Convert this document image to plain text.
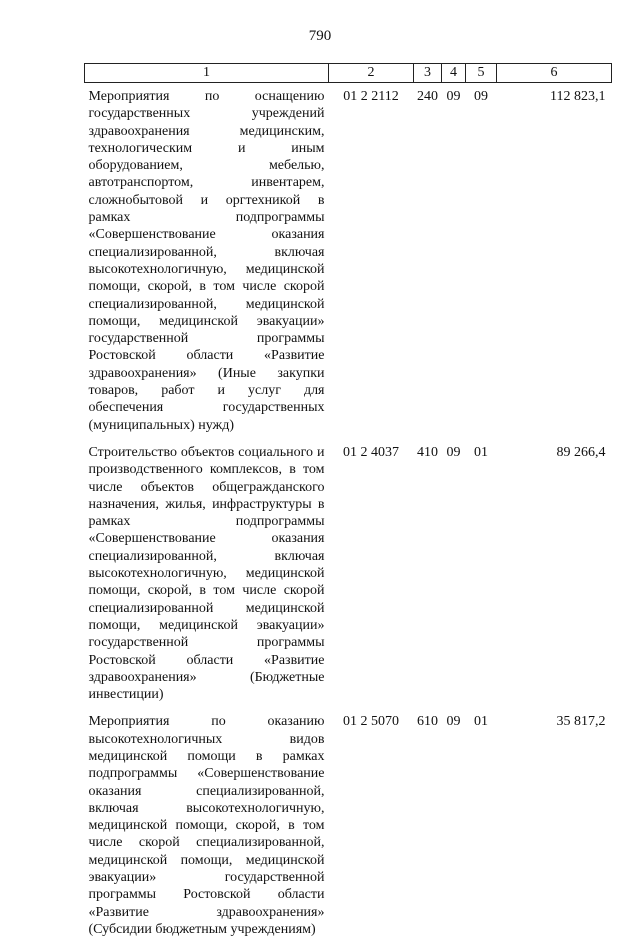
790
1	2	3	4	5	6
Мероприятия по оснащению государственных учреждений здравоохранения медицинским, технологическим и иным оборудованием, мебелью, автотранспортом, инвентарем, сложнобытовой и оргтехникой в рамках подпрограммы «Совершенствование оказания специализированной, включая высокотехнологичную, медицинской помощи, скорой, в том числе скорой специализированной, медицинской помощи, медицинской эвакуации» государственной программы Ростовской области «Развитие здравоохранения» (Иные закупки товаров, работ и услуг для обеспечения государственных (муниципальных) нужд)	01 2 2112	240	09	09	112 823,1
Строительство объектов социального и производственного комплексов, в том числе объектов общегражданского назначения, жилья, инфраструктуры в рамках подпрограммы «Совершенствование оказания специализированной, включая высокотехнологичную, медицинской помощи, скорой, в том числе скорой специализированной медицинской помощи, медицинской эвакуации» государственной программы Ростовской области «Развитие здравоохранения» (Бюджетные инвестиции)	01 2 4037	410	09	01	89 266,4
Мероприятия по оказанию высокотехнологичных видов медицинской помощи в рамках подпрограммы «Совершенствование оказания специализированной, включая высокотехнологичную, медицинской помощи, скорой, в том числе скорой специализированной, медицинской помощи, медицинской эвакуации» государственной программы Ростовской области «Развитие здравоохранения» (Субсидии бюджетным учреждениям)	01 2 5070	610	09	01	35 817,2
